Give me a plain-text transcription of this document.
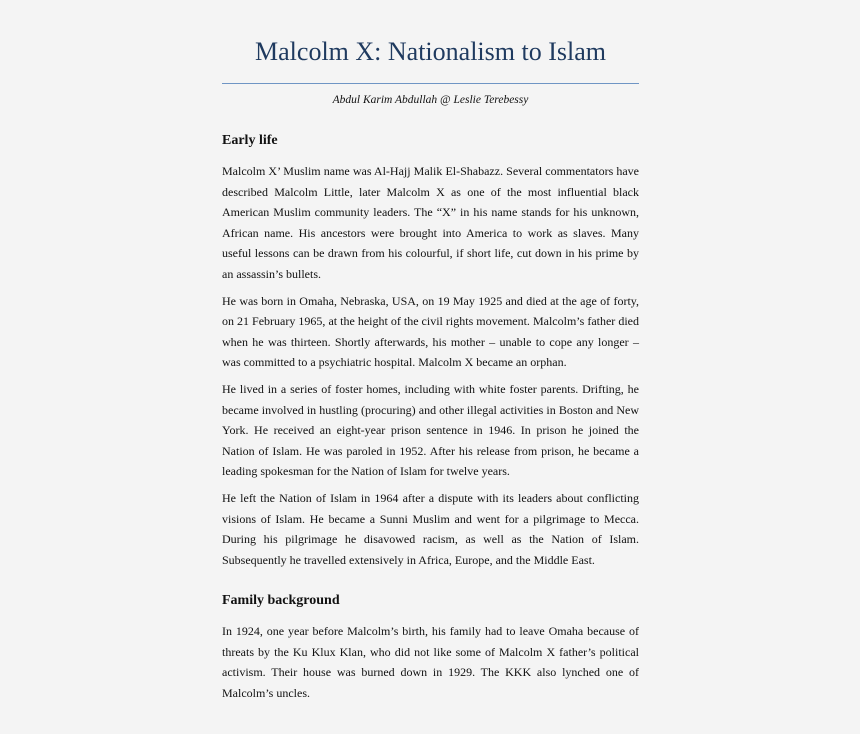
Malcolm X: Nationalism to Islam
Abdul Karim Abdullah @ Leslie Terebessy
Early life

Malcolm X’ Muslim name was Al-Hajj Malik El-Shabazz. Several commentators have described Malcolm Little, later Malcolm X as one of the most influential black American Muslim community leaders. The “X” in his name stands for his unknown, African name. His ancestors were brought into America to work as slaves. Many useful lessons can be drawn from his colourful, if short life, cut down in his prime by an assassin’s bullets.

He was born in Omaha, Nebraska, USA, on 19 May 1925 and died at the age of forty, on 21 February 1965, at the height of the civil rights movement. Malcolm’s father died when he was thirteen. Shortly afterwards, his mother – unable to cope any longer – was committed to a psychiatric hospital. Malcolm X became an orphan.

He lived in a series of foster homes, including with white foster parents. Drifting, he became involved in hustling (procuring) and other illegal activities in Boston and New York. He received an eight-year prison sentence in 1946. In prison he joined the Nation of Islam. He was paroled in 1952. After his release from prison, he became a leading spokesman for the Nation of Islam for twelve years.

He left the Nation of Islam in 1964 after a dispute with its leaders about conflicting visions of Islam. He became a Sunni Muslim and went for a pilgrimage to Mecca. During his pilgrimage he disavowed racism, as well as the Nation of Islam. Subsequently he travelled extensively in Africa, Europe, and the Middle East.

Family background

In 1924, one year before Malcolm’s birth, his family had to leave Omaha because of threats by the Ku Klux Klan, who did not like some of Malcolm X father’s political activism. Their house was burned down in 1929. The KKK also lynched one of Malcolm’s uncles.
